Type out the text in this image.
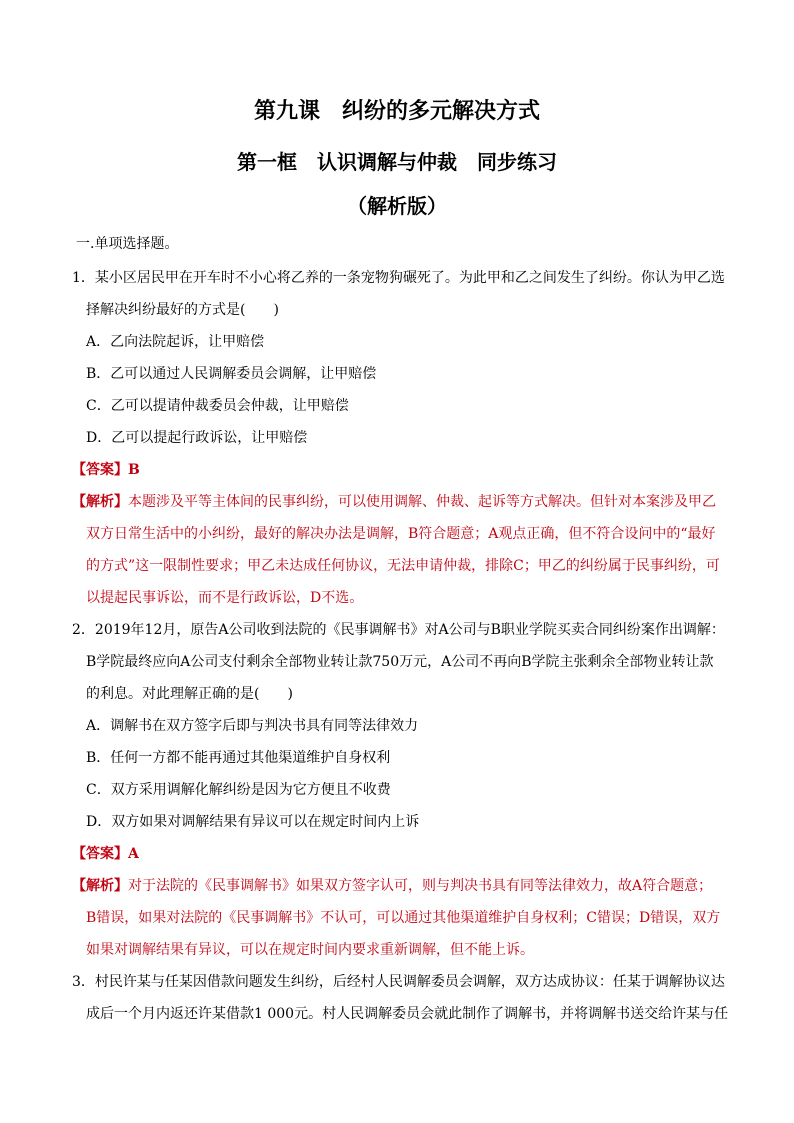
第九课　纠纷的多元解决方式
第一框　认识调解与仲裁　同步练习
（解析版）
一.单项选择题。
1．某小区居民甲在开车时不小心将乙养的一条宠物狗碾死了。为此甲和乙之间发生了纠纷。你认为甲乙选
择解决纠纷最好的方式是(　　)
A．乙向法院起诉，让甲赔偿
B．乙可以通过人民调解委员会调解，让甲赔偿
C．乙可以提请仲裁委员会仲裁，让甲赔偿
D．乙可以提起行政诉讼，让甲赔偿
【答案】B
【解析】本题涉及平等主体间的民事纠纷，可以使用调解、仲裁、起诉等方式解决。但针对本案涉及甲乙
双方日常生活中的小纠纷，最好的解决办法是调解，B符合题意；A观点正确，但不符合设问中的“最好
的方式”这一限制性要求；甲乙未达成任何协议，无法申请仲裁，排除C；甲乙的纠纷属于民事纠纷，可
以提起民事诉讼，而不是行政诉讼，D不选。
2．2019年12月，原告A公司收到法院的《民事调解书》对A公司与B职业学院买卖合同纠纷案作出调解：
B学院最终应向A公司支付剩余全部物业转让款750万元，A公司不再向B学院主张剩余全部物业转让款
的利息。对此理解正确的是(　　)
A．调解书在双方签字后即与判决书具有同等法律效力
B．任何一方都不能再通过其他渠道维护自身权利
C．双方采用调解化解纠纷是因为它方便且不收费
D．双方如果对调解结果有异议可以在规定时间内上诉
【答案】A
【解析】对于法院的《民事调解书》如果双方签字认可，则与判决书具有同等法律效力，故A符合题意；
B错误，如果对法院的《民事调解书》不认可，可以通过其他渠道维护自身权利；C错误；D错误，双方
如果对调解结果有异议，可以在规定时间内要求重新调解，但不能上诉。
3．村民许某与任某因借款问题发生纠纷，后经村人民调解委员会调解，双方达成协议：任某于调解协议达
成后一个月内返还许某借款1 000元。村人民调解委员会就此制作了调解书，并将调解书送交给许某与任
